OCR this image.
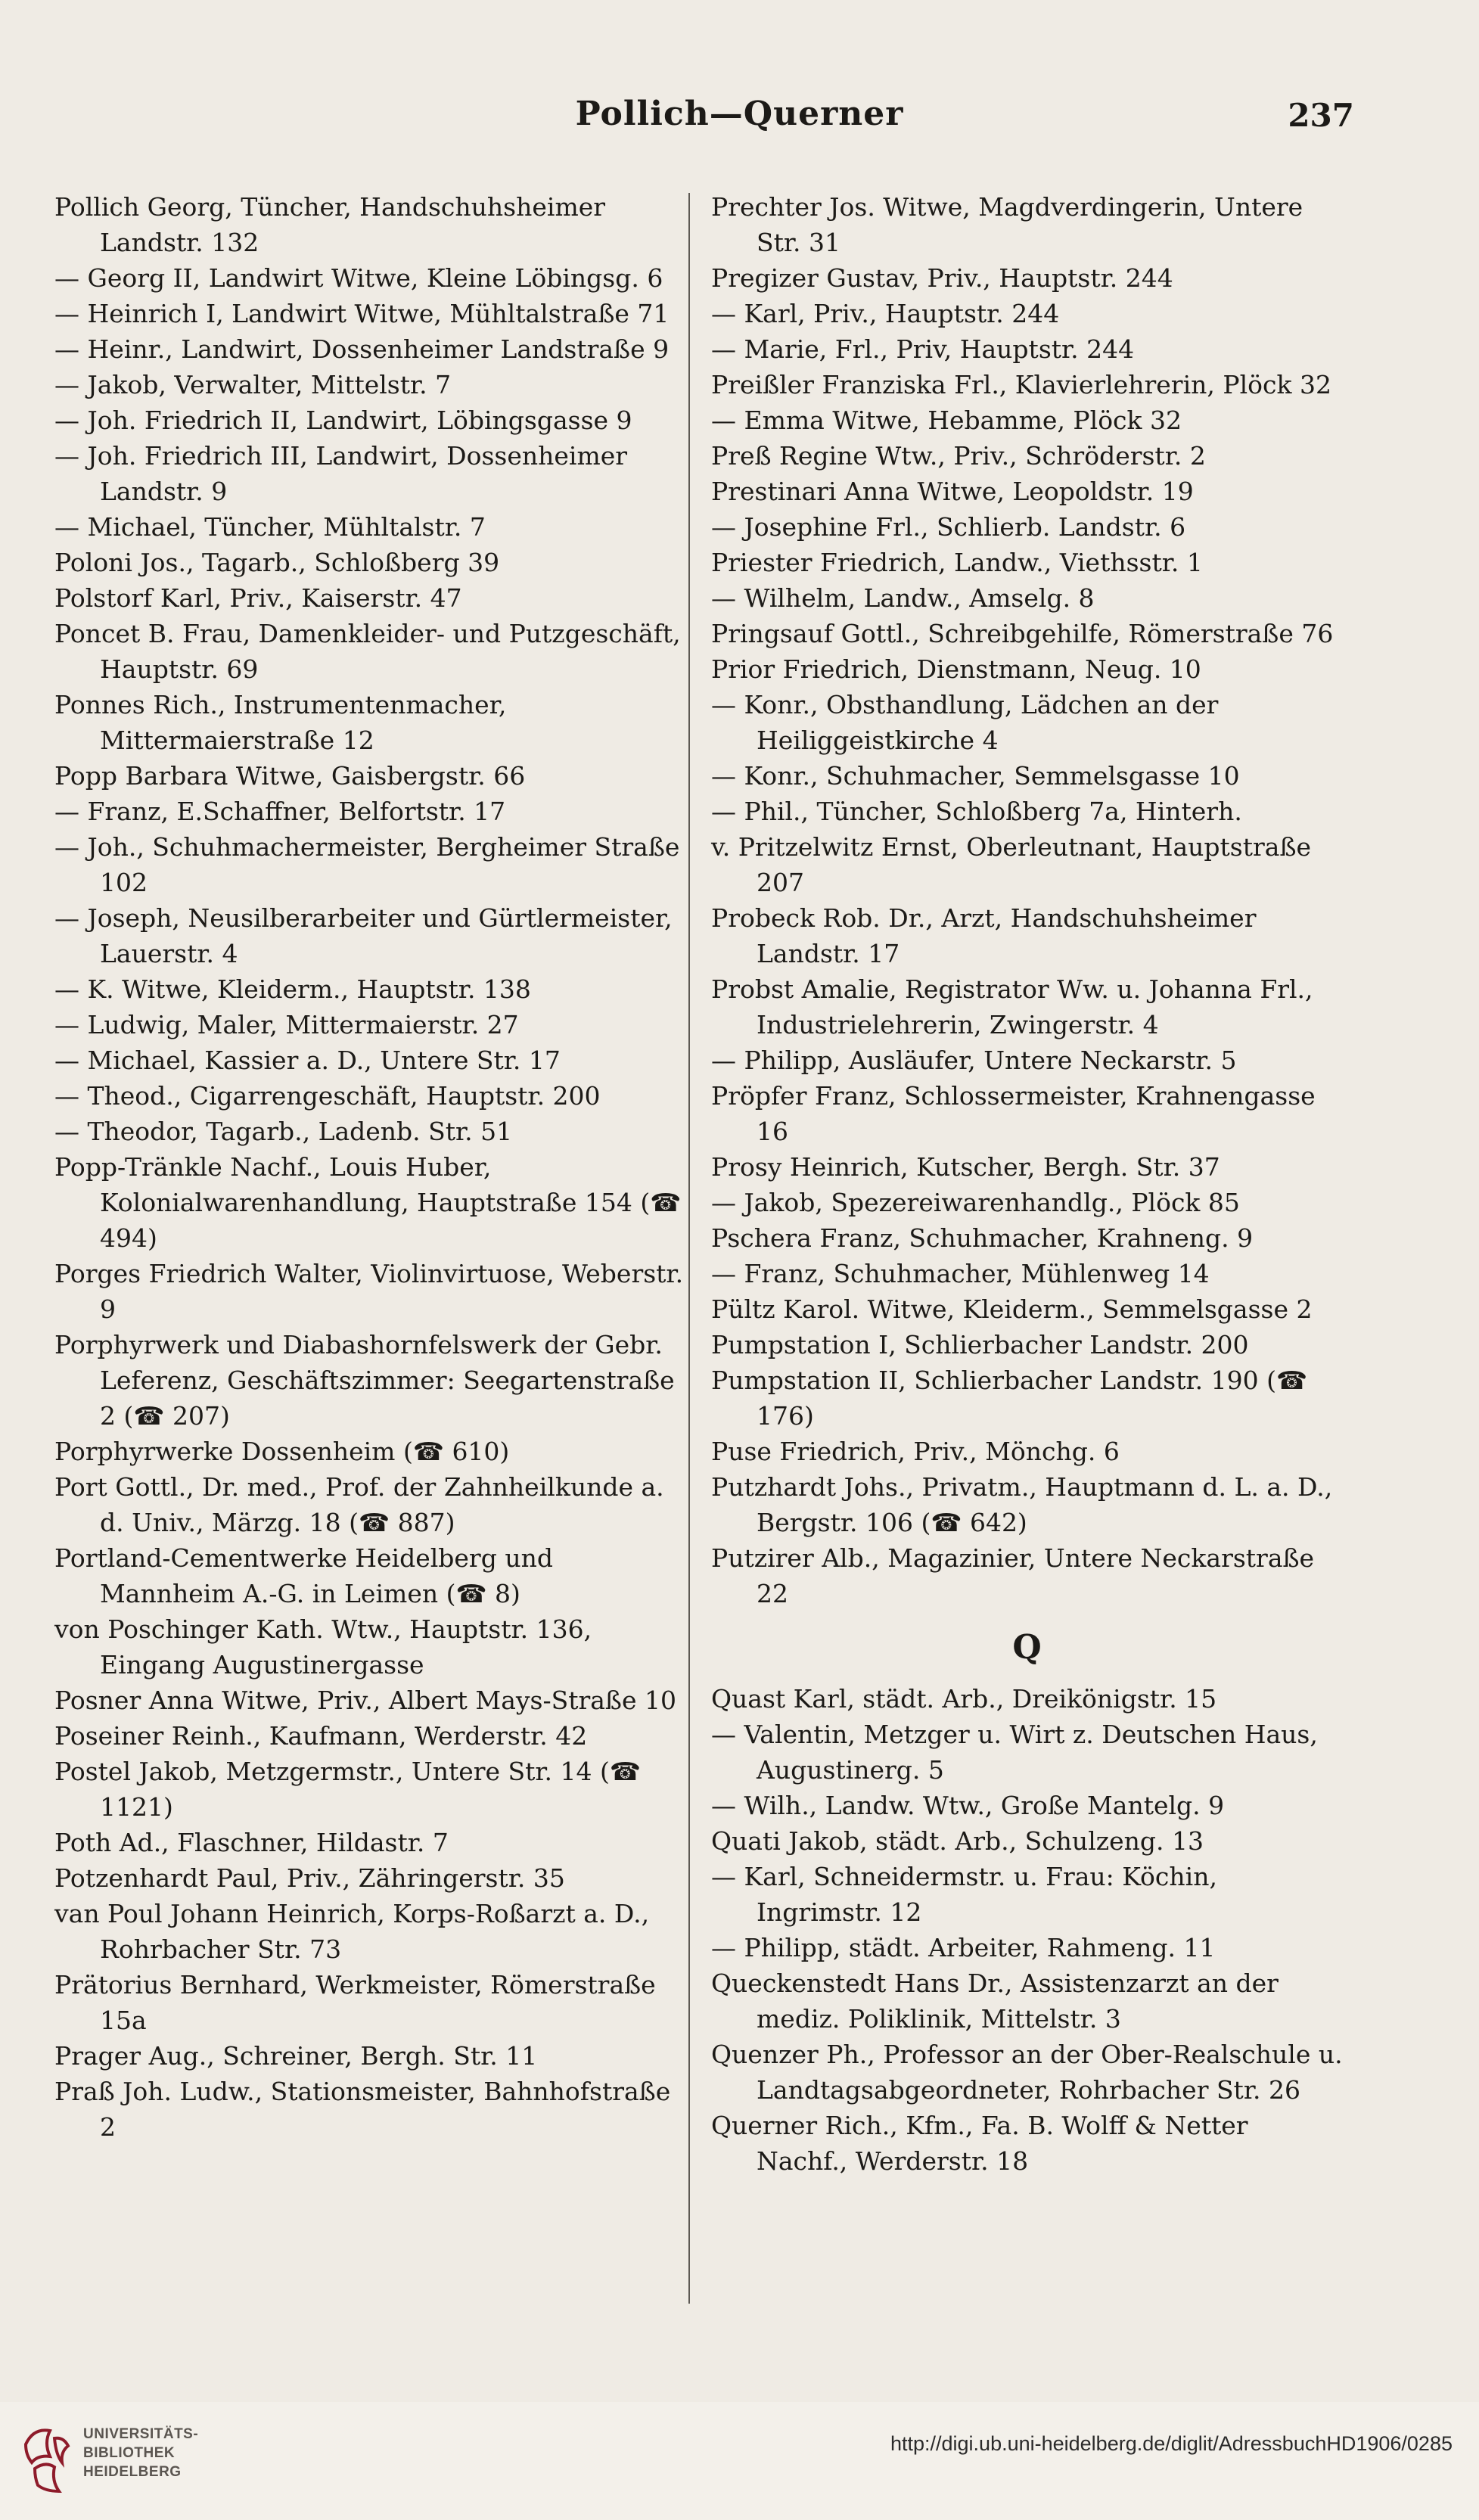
Pollich—Querner	237
Pollich Georg, Tüncher, Handschuhsheimer Landstr. 132
— Georg II, Landwirt Witwe, Kleine Löbingsg. 6
— Heinrich I, Landwirt Witwe, Mühltalstraße 71
— Heinr., Landwirt, Dossenheimer Landstraße 9
— Jakob, Verwalter, Mittelstr. 7
— Joh. Friedrich II, Landwirt, Löbingsgasse 9
— Joh. Friedrich III, Landwirt, Dossenheimer Landstr. 9
— Michael, Tüncher, Mühltalstr. 7
Poloni Jos., Tagarb., Schloßberg 39
Polstorf Karl, Priv., Kaiserstr. 47
Poncet B. Frau, Damenkleider- und Putzgeschäft, Hauptstr. 69
Ponnes Rich., Instrumentenmacher, Mittermaierstraße 12
Popp Barbara Witwe, Gaisbergstr. 66
— Franz, E.Schaffner, Belfortstr. 17
— Joh., Schuhmachermeister, Bergheimer Straße 102
— Joseph, Neusilberarbeiter und Gürtlermeister, Lauerstr. 4
— K. Witwe, Kleiderm., Hauptstr. 138
— Ludwig, Maler, Mittermaierstr. 27
— Michael, Kassier a. D., Untere Str. 17
— Theod., Cigarrengeschäft, Hauptstr. 200
— Theodor, Tagarb., Ladenb. Str. 51
Popp-Tränkle Nachf., Louis Huber, Kolonialwarenhandlung, Hauptstraße 154 (☎ 494)
Porges Friedrich Walter, Violinvirtuose, Weberstr. 9
Porphyrwerk und Diabashornfelswerk der Gebr. Leferenz, Geschäftszimmer: Seegartenstraße 2 (☎ 207)
Porphyrwerke Dossenheim (☎ 610)
Port Gottl., Dr. med., Prof. der Zahnheilkunde a. d. Univ., Märzg. 18 (☎ 887)
Portland-Cementwerke Heidelberg und Mannheim A.-G. in Leimen (☎ 8)
von Poschinger Kath. Wtw., Hauptstr. 136, Eingang Augustinergasse
Posner Anna Witwe, Priv., Albert Mays-Straße 10
Poseiner Reinh., Kaufmann, Werderstr. 42
Postel Jakob, Metzgermstr., Untere Str. 14 (☎ 1121)
Poth Ad., Flaschner, Hildastr. 7
Potzenhardt Paul, Priv., Zähringerstr. 35
van Poul Johann Heinrich, Korps-Roßarzt a. D., Rohrbacher Str. 73
Prätorius Bernhard, Werkmeister, Römerstraße 15a
Prager Aug., Schreiner, Bergh. Str. 11
Praß Joh. Ludw., Stationsmeister, Bahnhofstraße 2
Prechter Jos. Witwe, Magdverdingerin, Untere Str. 31
Pregizer Gustav, Priv., Hauptstr. 244
— Karl, Priv., Hauptstr. 244
— Marie, Frl., Priv, Hauptstr. 244
Preißler Franziska Frl., Klavierlehrerin, Plöck 32
— Emma Witwe, Hebamme, Plöck 32
Preß Regine Wtw., Priv., Schröderstr. 2
Prestinari Anna Witwe, Leopoldstr. 19
— Josephine Frl., Schlierb. Landstr. 6
Priester Friedrich, Landw., Viethsstr. 1
— Wilhelm, Landw., Amselg. 8
Pringsauf Gottl., Schreibgehilfe, Römerstraße 76
Prior Friedrich, Dienstmann, Neug. 10
— Konr., Obsthandlung, Lädchen an der Heiliggeistkirche 4
— Konr., Schuhmacher, Semmelsgasse 10
— Phil., Tüncher, Schloßberg 7a, Hinterh.
v. Pritzelwitz Ernst, Oberleutnant, Hauptstraße 207
Probeck Rob. Dr., Arzt, Handschuhsheimer Landstr. 17
Probst Amalie, Registrator Ww. u. Johanna Frl., Industrielehrerin, Zwingerstr. 4
— Philipp, Ausläufer, Untere Neckarstr. 5
Pröpfer Franz, Schlossermeister, Krahnengasse 16
Prosy Heinrich, Kutscher, Bergh. Str. 37
— Jakob, Spezereiwarenhandlg., Plöck 85
Pschera Franz, Schuhmacher, Krahneng. 9
— Franz, Schuhmacher, Mühlenweg 14
Pültz Karol. Witwe, Kleiderm., Semmelsgasse 2
Pumpstation I, Schlierbacher Landstr. 200
Pumpstation II, Schlierbacher Landstr. 190 (☎ 176)
Puse Friedrich, Priv., Mönchg. 6
Putzhardt Johs., Privatm., Hauptmann d. L. a. D., Bergstr. 106 (☎ 642)
Putzirer Alb., Magazinier, Untere Neckarstraße 22
Q
Quast Karl, städt. Arb., Dreikönigstr. 15
— Valentin, Metzger u. Wirt z. Deutschen Haus, Augustinerg. 5
— Wilh., Landw. Wtw., Große Mantelg. 9
Quati Jakob, städt. Arb., Schulzeng. 13
— Karl, Schneidermstr. u. Frau: Köchin, Ingrimstr. 12
— Philipp, städt. Arbeiter, Rahmeng. 11
Queckenstedt Hans Dr., Assistenzarzt an der mediz. Poliklinik, Mittelstr. 3
Quenzer Ph., Professor an der Ober-Realschule u. Landtagsabgeordneter, Rohrbacher Str. 26
Querner Rich., Kfm., Fa. B. Wolff & Netter Nachf., Werderstr. 18
UNIVERSITÄTS-
BIBLIOTHEK
HEIDELBERG
http://digi.ub.uni-heidelberg.de/diglit/AdressbuchHD1906/0285
